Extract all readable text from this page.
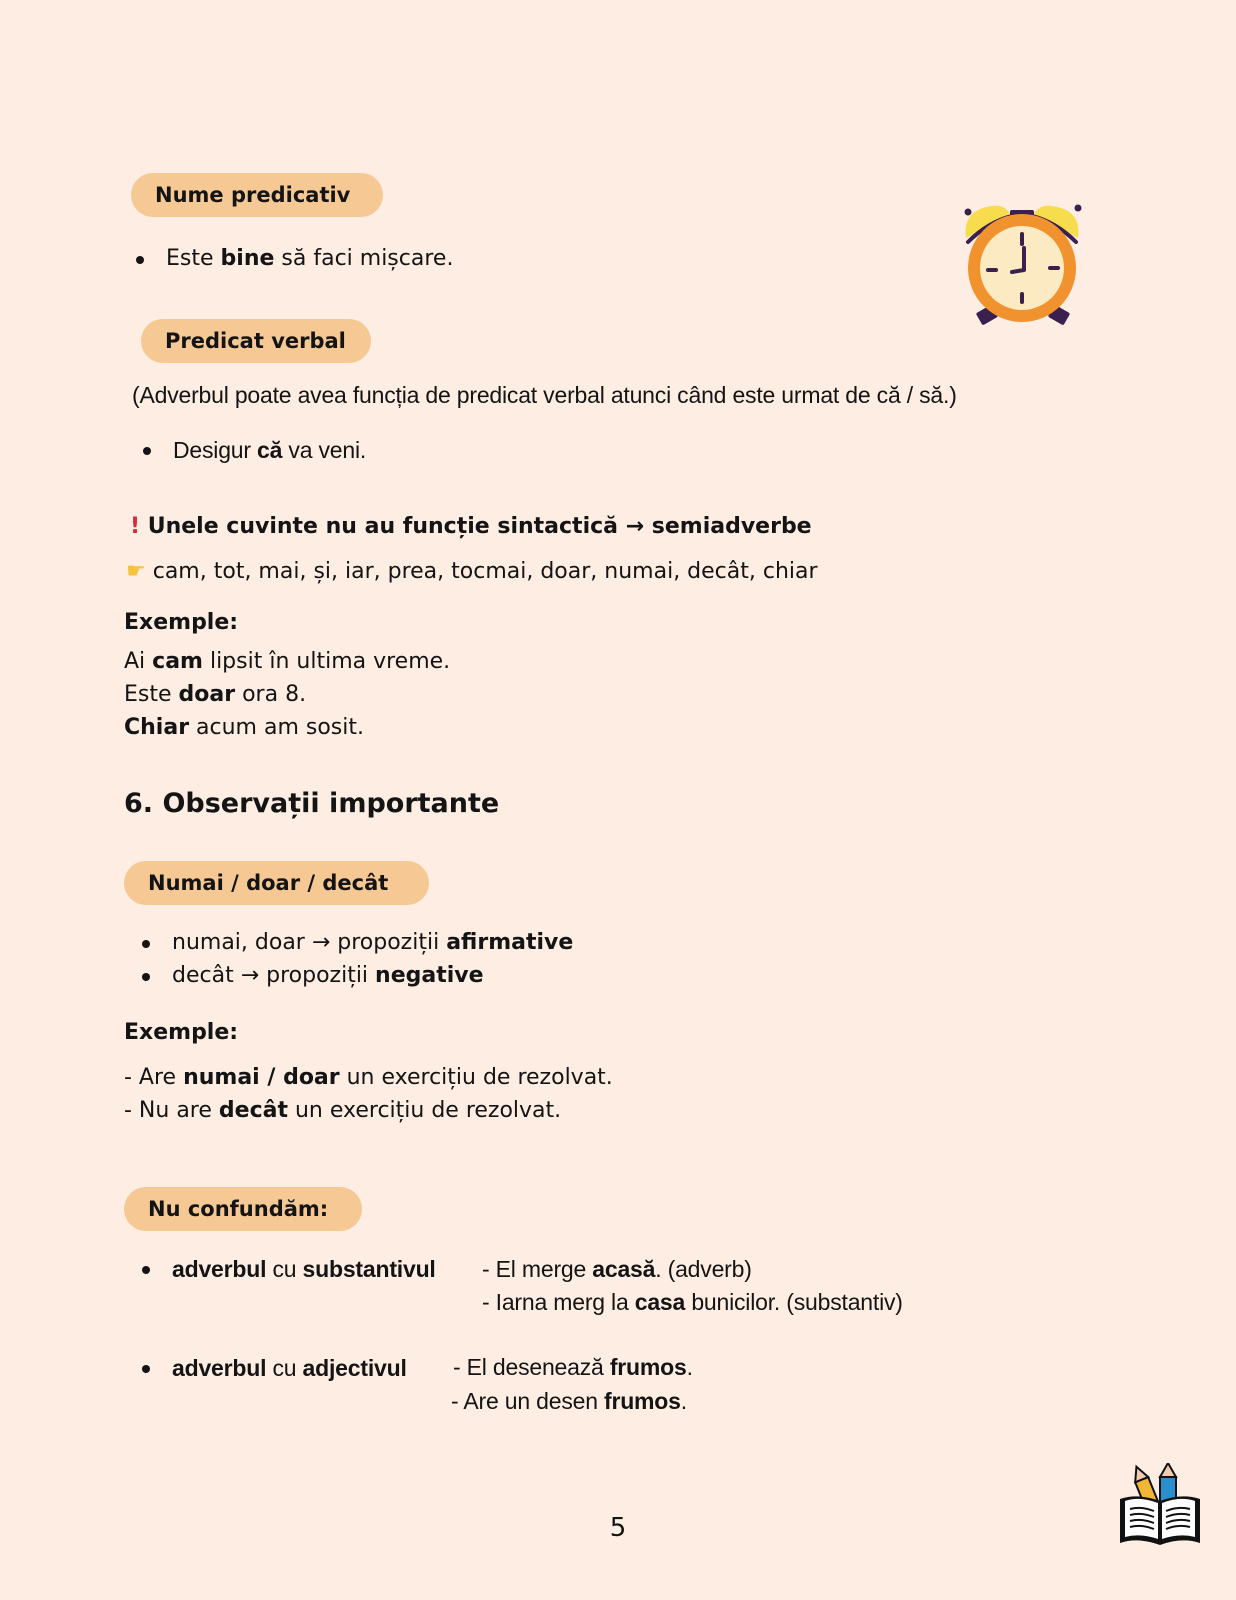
Nume predicativ
Este bine să faci mișcare.
Predicat verbal
(Adverbul poate avea funcția de predicat verbal atunci când este urmat de că / să.)
Desigur că va veni.
! Unele cuvinte nu au funcție sintactică → semiadverbe
☛ cam, tot, mai, și, iar, prea, tocmai, doar, numai, decât, chiar
Exemple:
Ai cam lipsit în ultima vreme.
Este doar ora 8.
Chiar acum am sosit.
6. Observații importante
Numai / doar / decât
numai, doar → propoziții afirmative
decât → propoziții negative
Exemple:
- Are numai / doar un exercițiu de rezolvat.
- Nu are decât un exercițiu de rezolvat.
Nu confundăm:
adverbul cu substantivul - El merge acasă. (adverb)
- Iarna merg la casa bunicilor. (substantiv)
adverbul cu adjectivul - El desenează frumos.
- Are un desen frumos.
5
